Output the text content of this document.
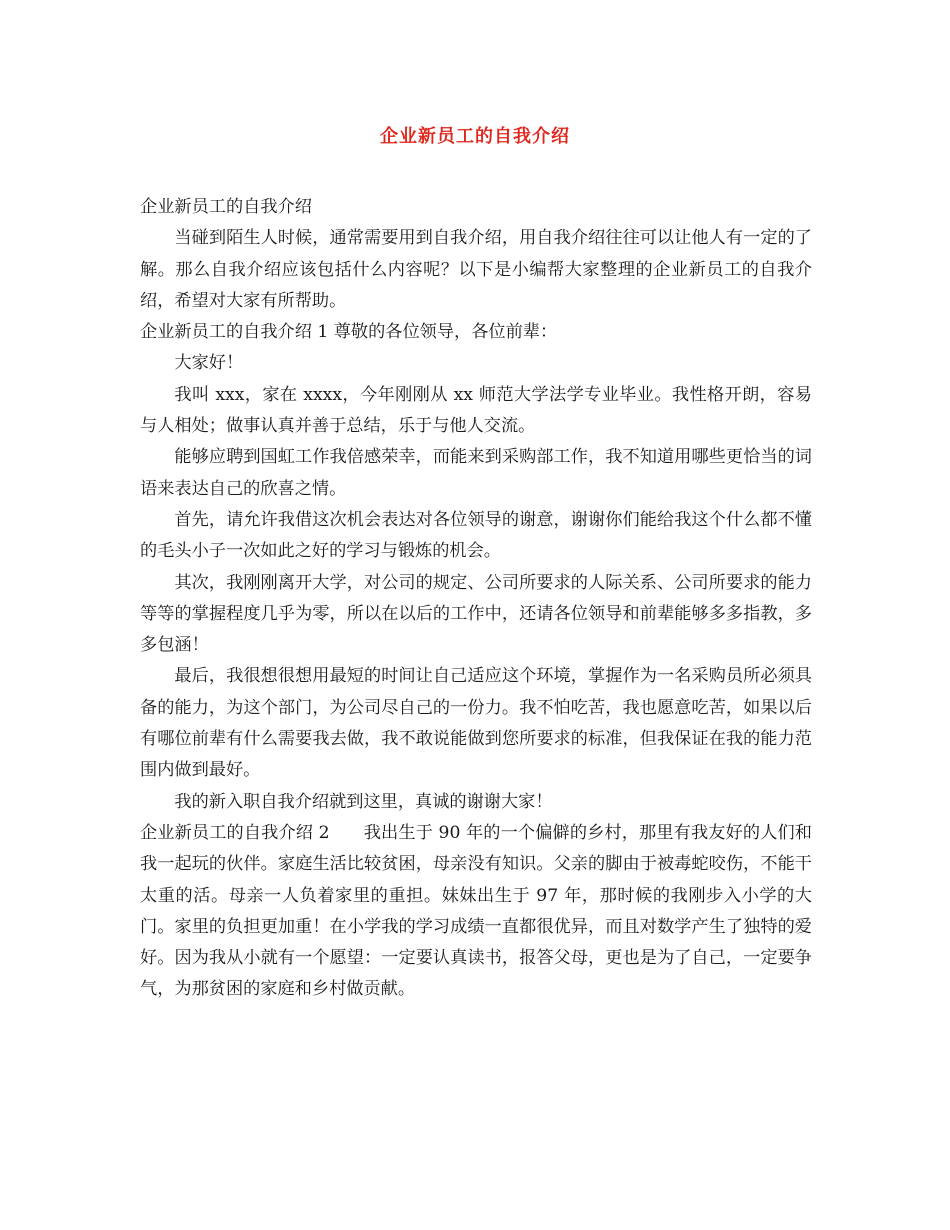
企业新员工的自我介绍

企业新员工的自我介绍

当碰到陌生人时候，通常需要用到自我介绍，用自我介绍往往可以让他人有一定的了解。那么自我介绍应该包括什么内容呢？以下是小编帮大家整理的企业新员工的自我介绍，希望对大家有所帮助。

企业新员工的自我介绍 1 尊敬的各位领导，各位前辈：

大家好！

我叫 xxx，家在 xxxx，今年刚刚从 xx 师范大学法学专业毕业。我性格开朗，容易与人相处；做事认真并善于总结，乐于与他人交流。

能够应聘到国虹工作我倍感荣幸，而能来到采购部工作，我不知道用哪些更恰当的词语来表达自己的欣喜之情。

首先，请允许我借这次机会表达对各位领导的谢意，谢谢你们能给我这个什么都不懂的毛头小子一次如此之好的学习与锻炼的机会。

其次，我刚刚离开大学，对公司的规定、公司所要求的人际关系、公司所要求的能力等等的掌握程度几乎为零，所以在以后的工作中，还请各位领导和前辈能够多多指教，多多包涵！

最后，我很想很想用最短的时间让自己适应这个环境，掌握作为一名采购员所必须具备的能力，为这个部门，为公司尽自己的一份力。我不怕吃苦，我也愿意吃苦，如果以后有哪位前辈有什么需要我去做，我不敢说能做到您所要求的标准，但我保证在我的能力范围内做到最好。

我的新入职自我介绍就到这里，真诚的谢谢大家！

企业新员工的自我介绍 2 我出生于 90 年的一个偏僻的乡村，那里有我友好的人们和我一起玩的伙伴。家庭生活比较贫困，母亲没有知识。父亲的脚由于被毒蛇咬伤，不能干太重的活。母亲一人负着家里的重担。妹妹出生于 97 年，那时候的我刚步入小学的大门。家里的负担更加重！在小学我的学习成绩一直都很优异，而且对数学产生了独特的爱好。因为我从小就有一个愿望：一定要认真读书，报答父母，更也是为了自己，一定要争气，为那贫困的家庭和乡村做贡献。
